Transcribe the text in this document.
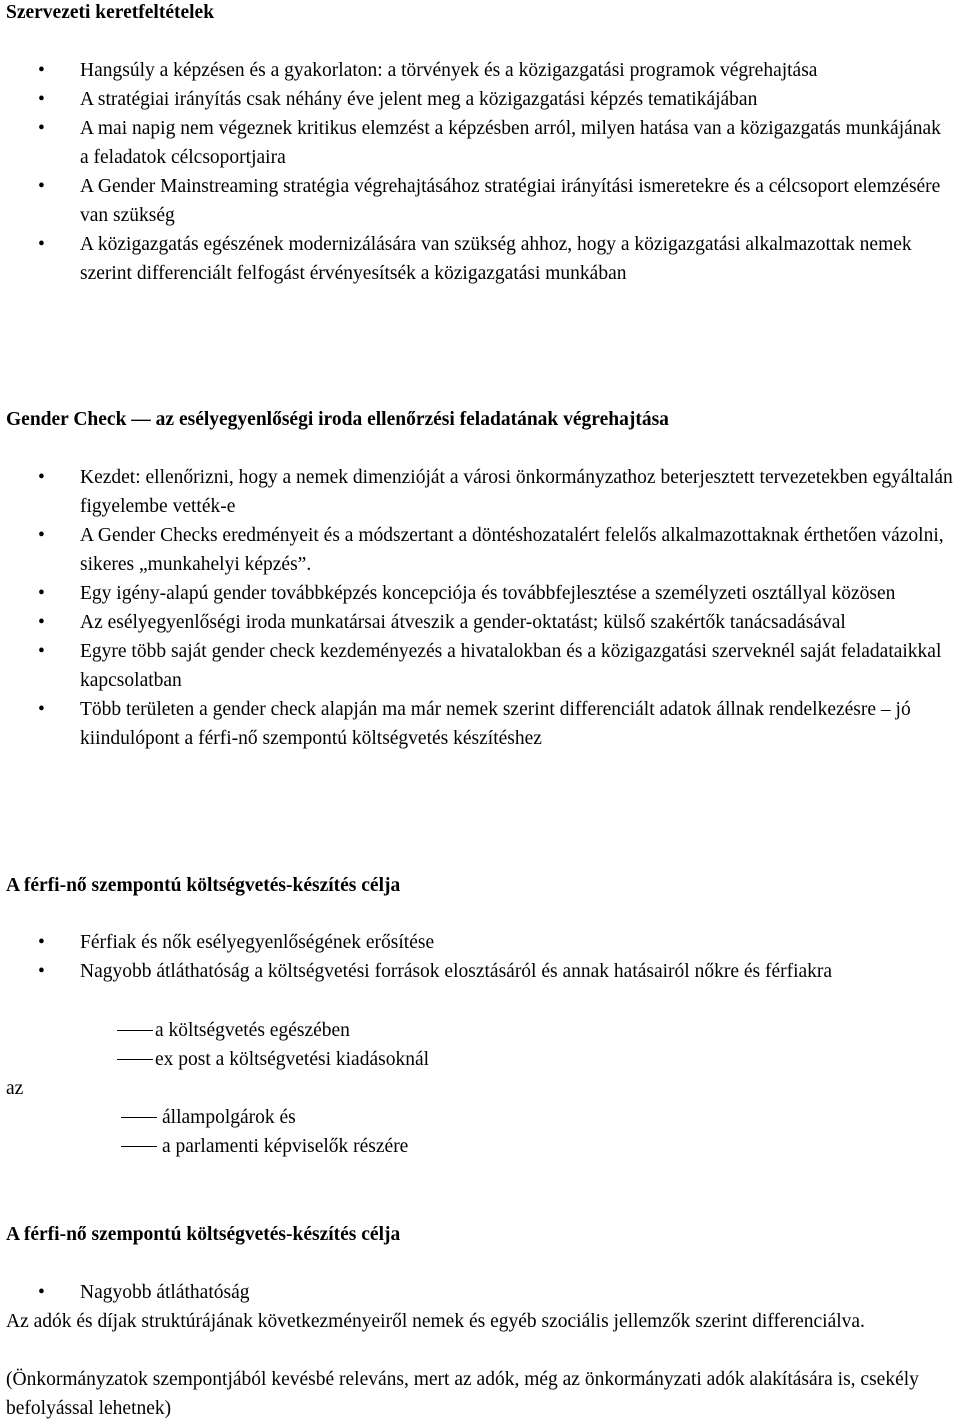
Szervezeti keretfeltételek
• Hangsúly a képzésen és a gyakorlaton: a törvények és a közigazgatási programok végrehajtása
• A stratégiai irányítás csak néhány éve jelent meg a közigazgatási képzés tematikájában
• A mai napig nem végeznek kritikus elemzést a képzésben arról, milyen hatása van a közigazgatás munkájának a feladatok célcsoportjaira
• A Gender Mainstreaming stratégia végrehajtásához stratégiai irányítási ismeretekre és a célcsoport elemzésére van szükség
• A közigazgatás egészének modernizálására van szükség ahhoz, hogy a közigazgatási alkalmazottak nemek szerint differenciált felfogást érvényesítsék a közigazgatási munkában
Gender Check — az esélyegyenlőségi iroda ellenőrzési feladatának végrehajtása
• Kezdet: ellenőrizni, hogy a nemek dimenzióját a városi önkormányzathoz beterjesztett tervezetekben egyáltalán figyelembe vették-e
• A Gender Checks eredményeit és a módszertant a döntéshozatalért felelős alkalmazottaknak érthetően vázolni, sikeres „munkahelyi képzés”.
• Egy igény-alapú gender továbbképzés koncepciója és továbbfejlesztése a személyzeti osztállyal közösen
• Az esélyegyenlőségi iroda munkatársai átveszik a gender-oktatást; külső szakértők tanácsadásával
• Egyre több saját gender check kezdeményezés a hivatalokban és a közigazgatási szerveknél saját feladataikkal kapcsolatban
• Több területen a gender check alapján ma már nemek szerint differenciált adatok állnak rendelkezésre – jó kiindulópont a férfi-nő szempontú költségvetés készítéshez
A férfi-nő szempontú költségvetés-készítés célja
• Férfiak és nők esélyegyenlőségének erősítése
• Nagyobb átláthatóság a költségvetési források elosztásáról és annak hatásairól nőkre és férfiakra
a költségvetés egészében
ex post a költségvetési kiadásoknál
az
állampolgárok és
a parlamenti képviselők részére
A férfi-nő szempontú költségvetés-készítés célja
• Nagyobb átláthatóság

Az adók és díjak struktúrájának következményeiről nemek és egyéb szociális jellemzők szerint differenciálva.

(Önkormányzatok szempontjából kevésbé releváns, mert az adók, még az önkormányzati adók alakítására is, csekély befolyással lehetnek)
